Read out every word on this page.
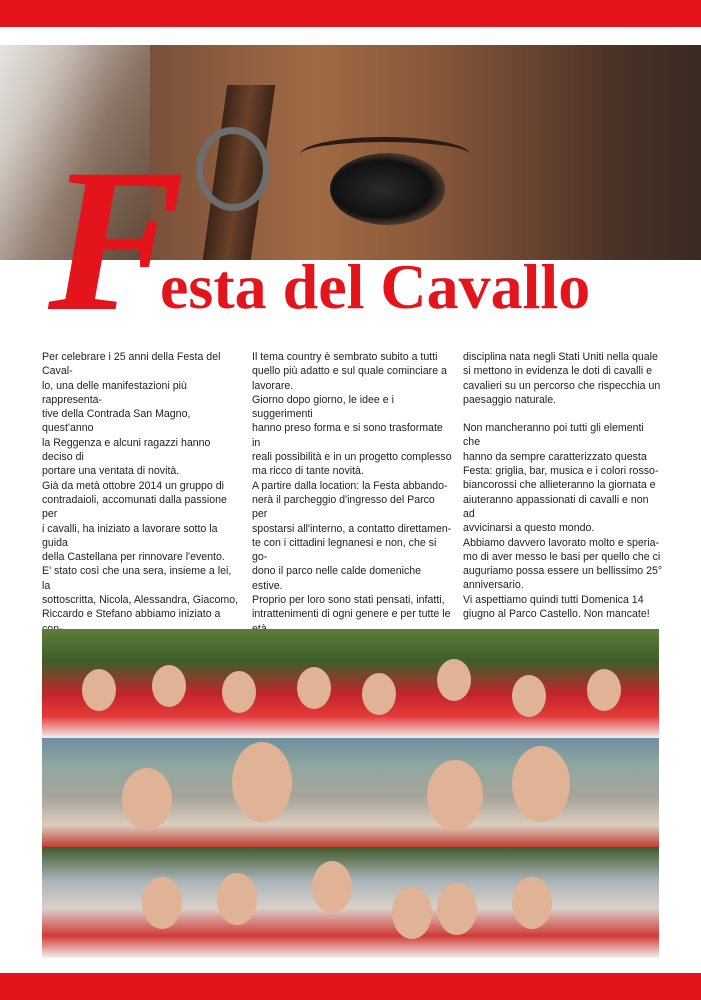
F
esta del Cavallo

Per celebrare i 25 anni della Festa del Caval-
lo, una delle manifestazioni più rappresenta-
tive della Contrada San Magno, quest'anno
la Reggenza e alcuni ragazzi hanno deciso di
portare una ventata di novità.
Già da metà ottobre 2014 un gruppo di
contradaioli, accomunati dalla passione per
i cavalli, ha iniziato a lavorare sotto la guida
della Castellana per rinnovare l'evento.
E' stato così che una sera, insieme a lei, la
sottoscritta, Nicola, Alessandra, Giacomo,
Riccardo e Stefano abbiamo iniziato a

Il tema country è sembrato subito a tutti
quello più adatto e sul quale cominciare a
lavorare.
Giorno dopo giorno, le idee e i suggerimenti
hanno preso forma e si sono trasformate in
reali possibilità e in un progetto complesso
ma ricco di tante novità.
A partire dalla location: la Festa abbando-
nerà il parcheggio d'ingresso del Parco per
spostarsi all'interno, a contatto direttamen-
te con i cittadini legnanesi e non, che si go-
dono il parco nelle calde domeniche estive.
Proprio per loro sono stati pensati, infatti,
intrattenimenti di ogni genere e per tutte le

disciplina nata negli Stati Uniti nella quale
si mettono in evidenza le doti di cavalli e
cavalieri su un percorso che rispecchia un
paesaggio naturale.

Non mancheranno poi tutti gli elementi che
hanno da sempre caratterizzato questa
Festa: griglia, bar, musica e i colori rosso-
biancorossi che allieteranno la giornata e
aiuteranno appassionati di cavalli e non ad
avvicinarsi a questo mondo.
Abbiamo davvero lavorato molto e speria-
mo di aver messo le basi per quello che ci
auguriamo possa essere un bellissimo 25°
anniversario.
Vi aspettiamo quindi tutti Domenica 14
giugno al Parco Castello. Non mancate!
